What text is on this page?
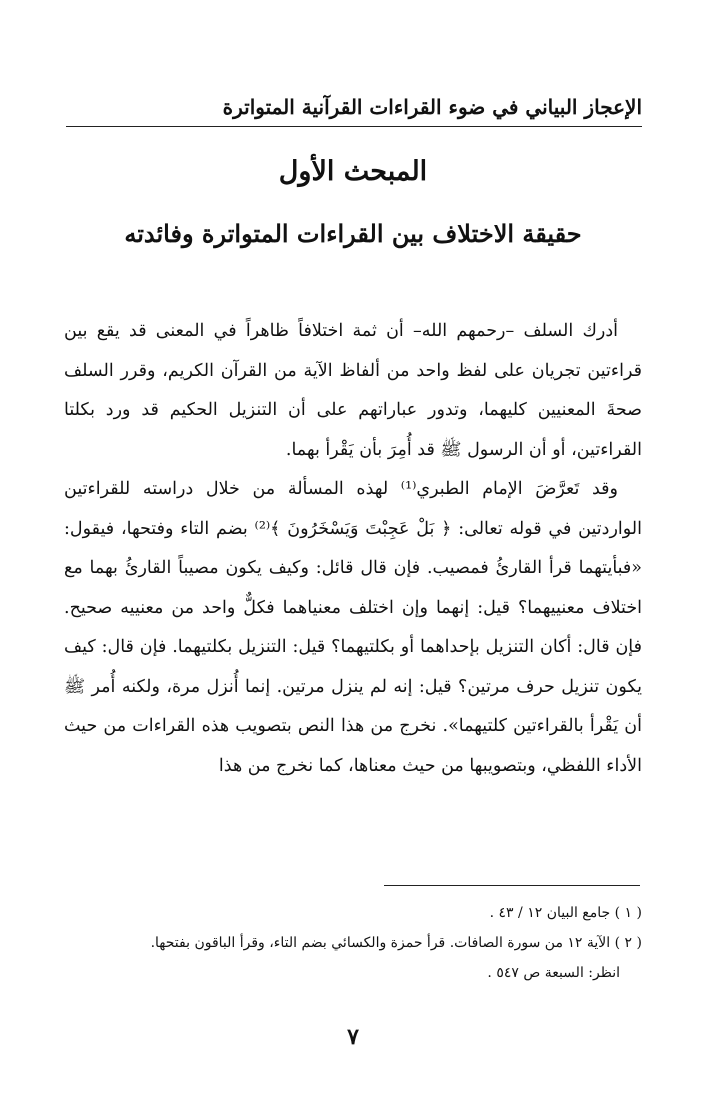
الإعجاز البياني في ضوء القراءات القرآنية المتواترة
المبحث الأول
حقيقة الاختلاف بين القراءات المتواترة وفائدته

أدرك السلف –رحمهم الله– أن ثمة اختلافاً ظاهراً في المعنى قد يقع بين قراءتين تجريان على لفظ واحد من ألفاظ الآية من القرآن الكريم، وقرر السلف صحةَ المعنيين كليهما، وتدور عباراتهم على أن التنزيل الحكيم قد ورد بكلتا القراءتين، أو أن الرسول ﷺ قد أُمِرَ بأن يَقْرأ بهما.

وقد تَعرَّضَ الإمام الطبري⁽¹⁾ لهذه المسألة من خلال دراسته للقراءتين الواردتين في قوله تعالى: ﴿ بَلْ عَجِبْتَ وَيَسْخَرُونَ ﴾⁽²⁾ بضم التاء وفتحها، فيقول: «فبأيتهما قرأ القارئُ فمصيب. فإن قال قائل: وكيف يكون مصيباً القارئُ بهما مع اختلاف معنييهما؟ قيل: إنهما وإن اختلف معنياهما فكلٌّ واحد من معنييه صحيح. فإن قال: أكان التنزيل بإحداهما أو بكلتيهما؟ قيل: التنزيل بكلتيهما. فإن قال: كيف يكون تنزيل حرف مرتين؟ قيل: إنه لم ينزل مرتين. إنما أُنزل مرة، ولكنه أُمر ﷺ أن يَقْرأ بالقراءتين كلتيهما». نخرج من هذا النص بتصويب هذه القراءات من حيث الأداء اللفظي، وبتصويبها من حيث معناها، كما نخرج من هذا

( ١ ) جامع البيان ١٢ / ٤٣ .

( ٢ ) الآية ١٢ من سورة الصافات. قرأ حمزة والكسائي بضم التاء، وقرأ الباقون بفتحها.

انظر: السبعة ص ٥٤٧ .

٧
